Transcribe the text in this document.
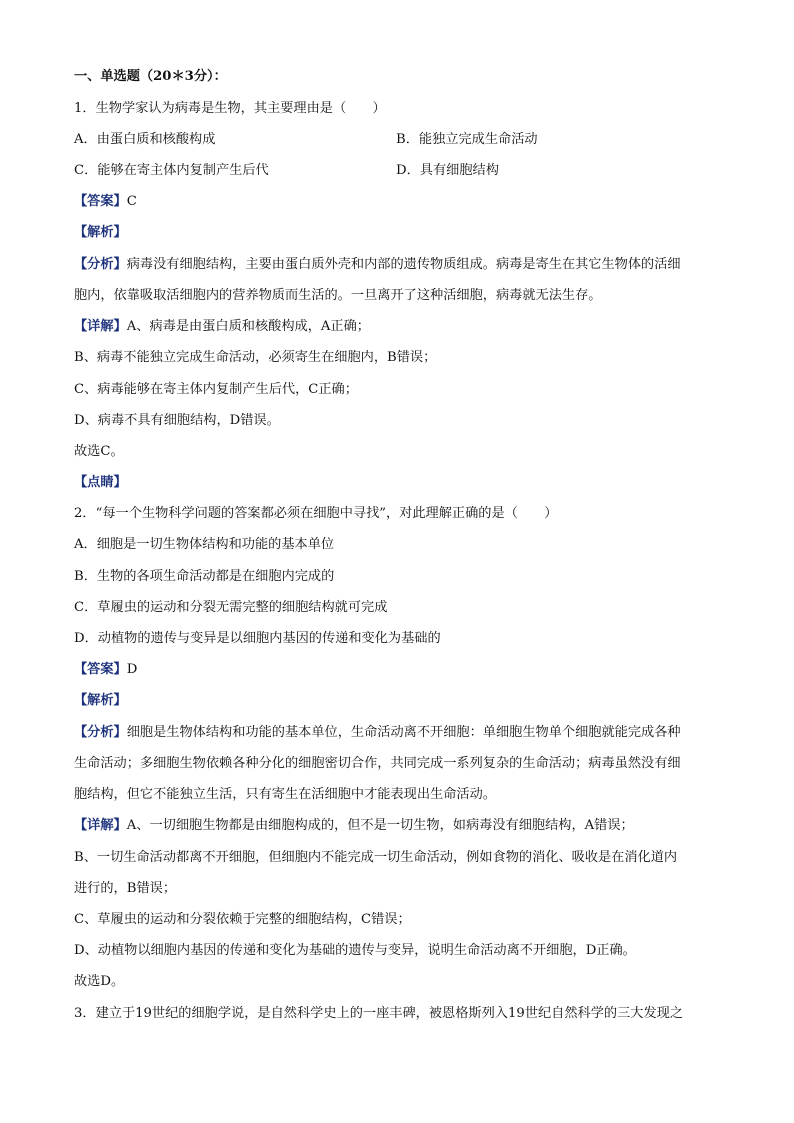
一、单选题（20＊3分）：
1．生物学家认为病毒是生物，其主要理由是（　　）
A．由蛋白质和核酸构成	B．能独立完成生命活动
C．能够在寄主体内复制产生后代	D．具有细胞结构
【答案】C
【解析】
【分析】病毒没有细胞结构，主要由蛋白质外壳和内部的遗传物质组成。病毒是寄生在其它生物体的活细
胞内，依靠吸取活细胞内的营养物质而生活的。一旦离开了这种活细胞，病毒就无法生存。
【详解】A、病毒是由蛋白质和核酸构成，A正确；
B、病毒不能独立完成生命活动，必须寄生在细胞内，B错误；
C、病毒能够在寄主体内复制产生后代，C正确；
D、病毒不具有细胞结构，D错误。
故选C。
【点睛】
2．“每一个生物科学问题的答案都必须在细胞中寻找”，对此理解正确的是（　　）
A．细胞是一切生物体结构和功能的基本单位
B．生物的各项生命活动都是在细胞内完成的
C．草履虫的运动和分裂无需完整的细胞结构就可完成
D．动植物的遗传与变异是以细胞内基因的传递和变化为基础的
【答案】D
【解析】
【分析】细胞是生物体结构和功能的基本单位，生命活动离不开细胞：单细胞生物单个细胞就能完成各种
生命活动；多细胞生物依赖各种分化的细胞密切合作，共同完成一系列复杂的生命活动；病毒虽然没有细
胞结构，但它不能独立生活，只有寄生在活细胞中才能表现出生命活动。
【详解】A、一切细胞生物都是由细胞构成的，但不是一切生物，如病毒没有细胞结构，A错误；
B、一切生命活动都离不开细胞，但细胞内不能完成一切生命活动，例如食物的消化、吸收是在消化道内
进行的，B错误；
C、草履虫的运动和分裂依赖于完整的细胞结构，C错误；
D、动植物以细胞内基因的传递和变化为基础的遗传与变异，说明生命活动离不开细胞，D正确。
故选D。
3．建立于19世纪的细胞学说，是自然科学史上的一座丰碑，被恩格斯列入19世纪自然科学的三大发现之
